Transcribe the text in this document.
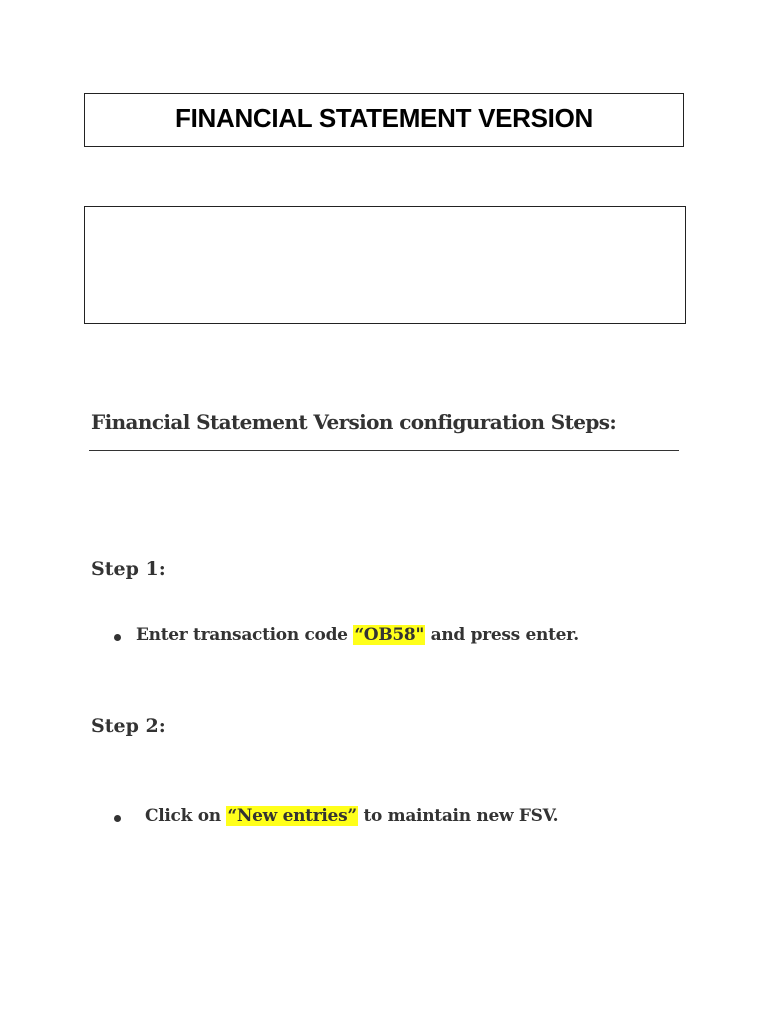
FINANCIAL STATEMENT VERSION
Financial Statement Version configuration Steps:
Step 1:
Enter transaction code “OB58" and press enter.
Step 2:
Click on “New entries” to maintain new FSV.
